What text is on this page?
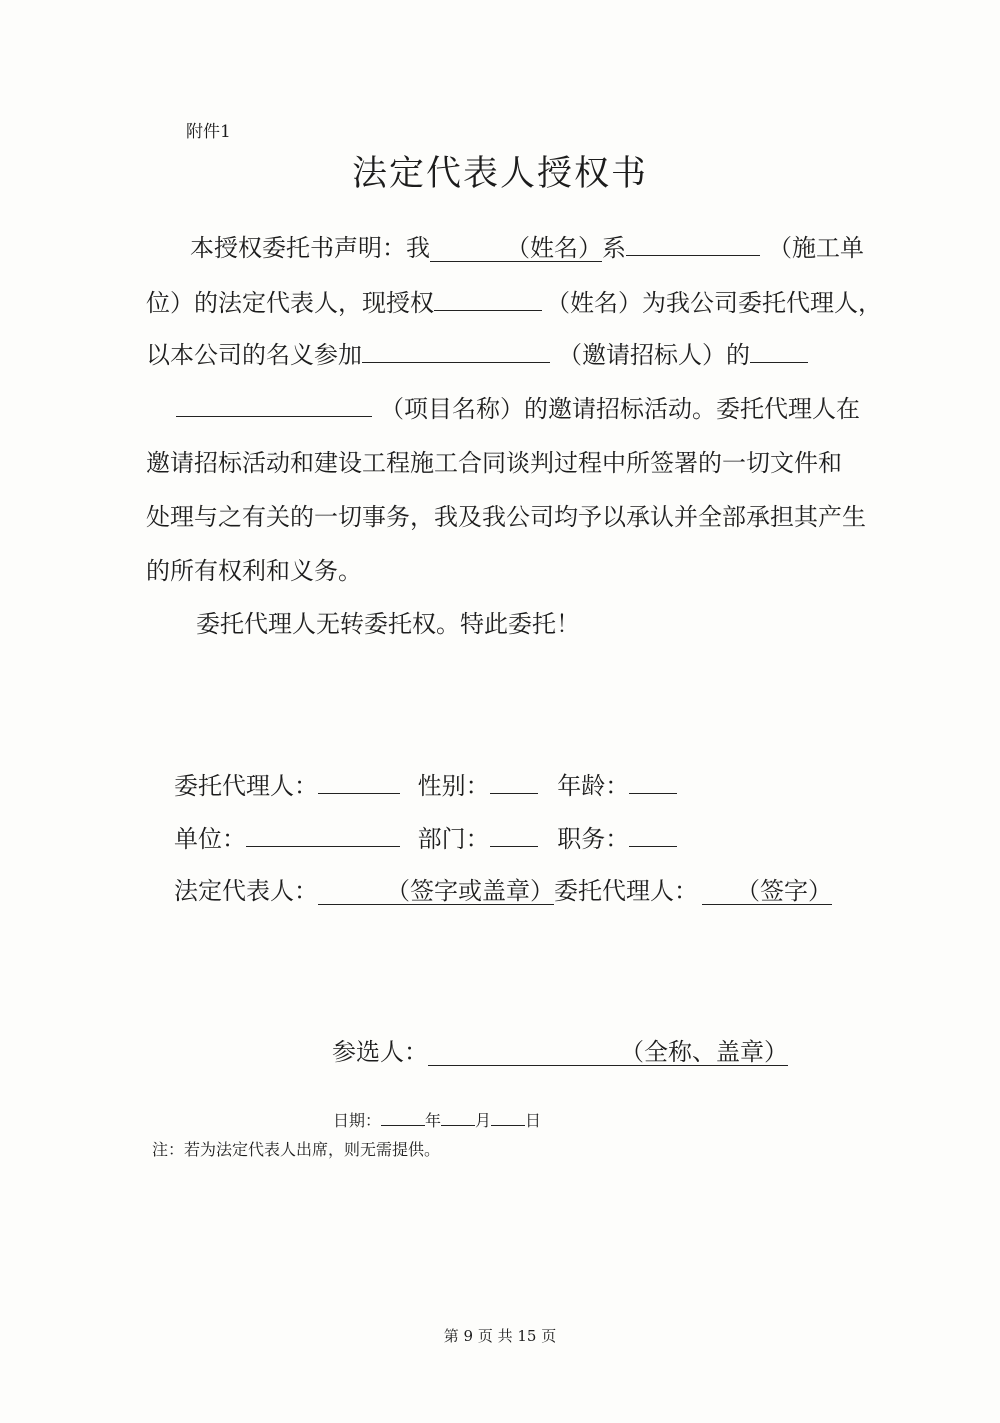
附件1
法定代表人授权书
本授权委托书声明：我	（姓名）系	（施工单
位）的法定代表人，现授权	（姓名）为我公司委托代理人，
以本公司的名义参加	（邀请招标人）的
（项目名称）的邀请招标活动。委托代理人在
邀请招标活动和建设工程施工合同谈判过程中所签署的一切文件和
处理与之有关的一切事务，我及我公司均予以承认并全部承担其产生
的所有权利和义务。
委托代理人无转委托权。特此委托！
委托代理人：	性别：	年龄：
单位：	部门：	职务：
法定代表人：	（签字或盖章）委托代理人： （签字）
参选人：	（全称、盖章）
日期：	年 月 日
注：若为法定代表人出席，则无需提供。
第 9 页 共 15 页
